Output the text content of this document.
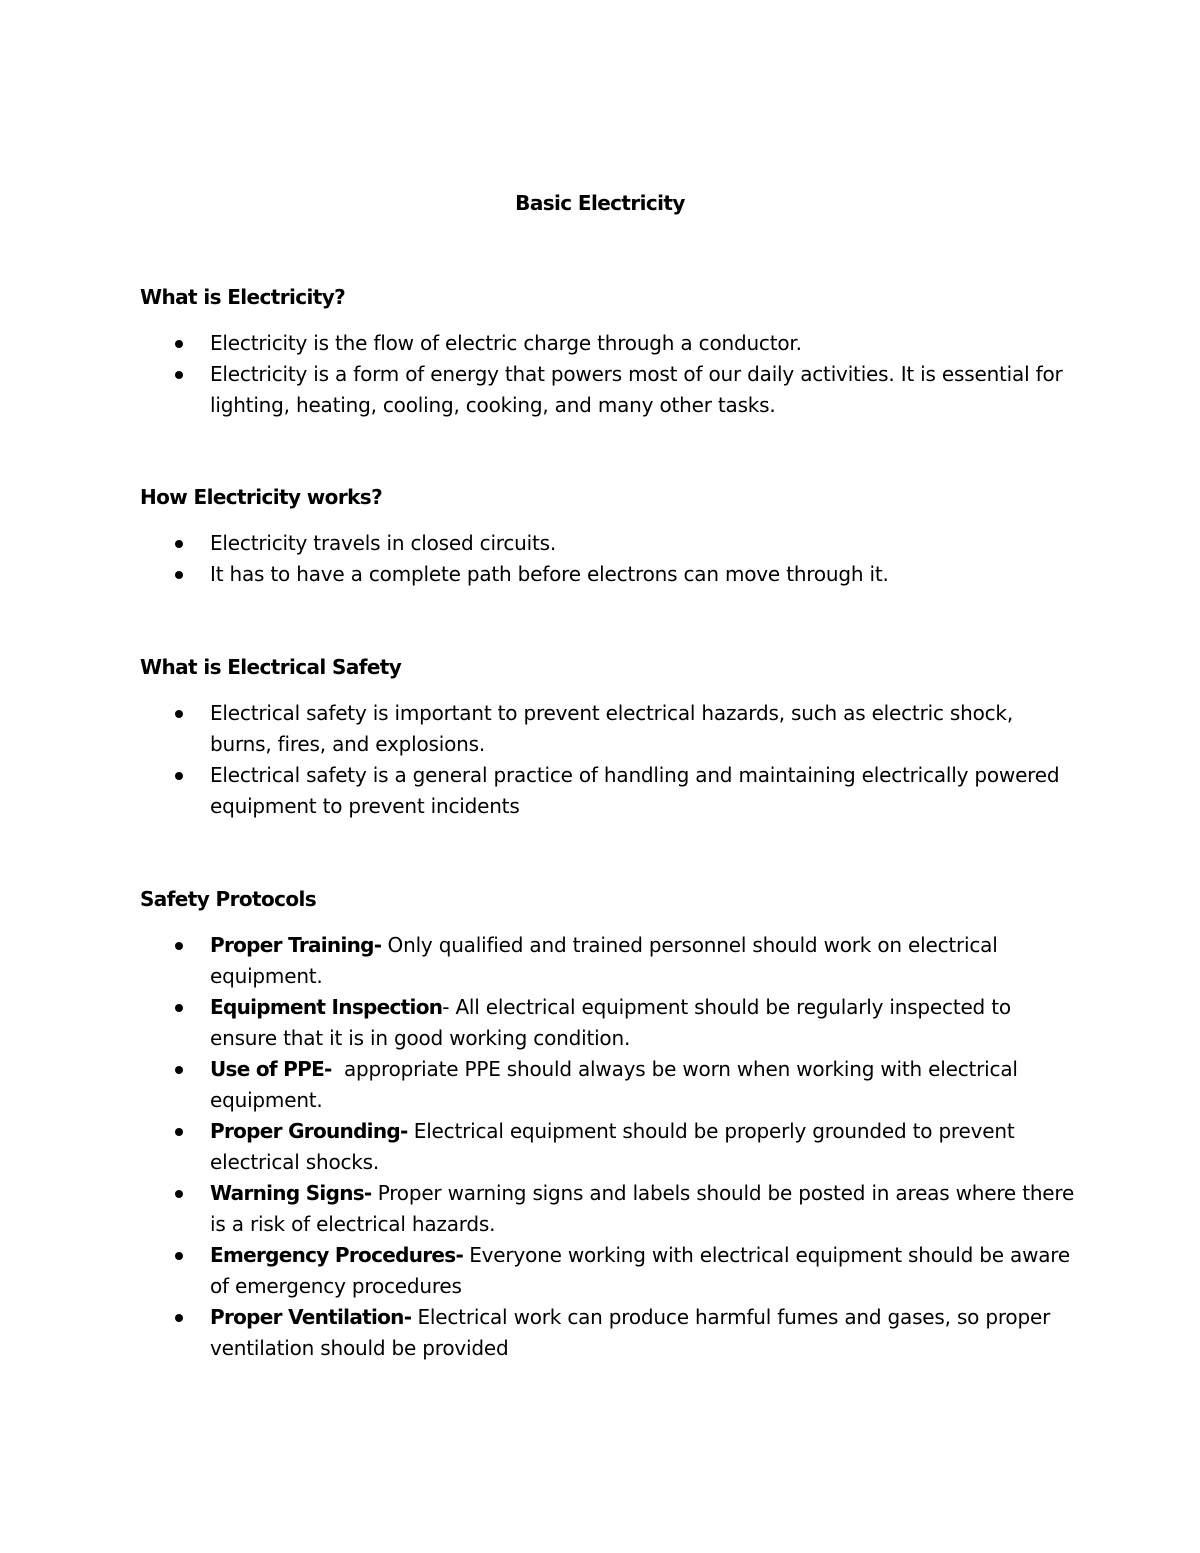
Basic Electricity
What is Electricity?
Electricity is the flow of electric charge through a conductor.
Electricity is a form of energy that powers most of our daily activities. It is essential for lighting, heating, cooling, cooking, and many other tasks.
How Electricity works?
Electricity travels in closed circuits.
It has to have a complete path before electrons can move through it.
What is Electrical Safety
Electrical safety is important to prevent electrical hazards, such as electric shock, burns, fires, and explosions.
Electrical safety is a general practice of handling and maintaining electrically powered equipment to prevent incidents
Safety Protocols
Proper Training- Only qualified and trained personnel should work on electrical equipment.
Equipment Inspection- All electrical equipment should be regularly inspected to ensure that it is in good working condition.
Use of PPE-  appropriate PPE should always be worn when working with electrical equipment.
Proper Grounding- Electrical equipment should be properly grounded to prevent electrical shocks.
Warning Signs- Proper warning signs and labels should be posted in areas where there is a risk of electrical hazards.
Emergency Procedures- Everyone working with electrical equipment should be aware of emergency procedures
Proper Ventilation- Electrical work can produce harmful fumes and gases, so proper ventilation should be provided
